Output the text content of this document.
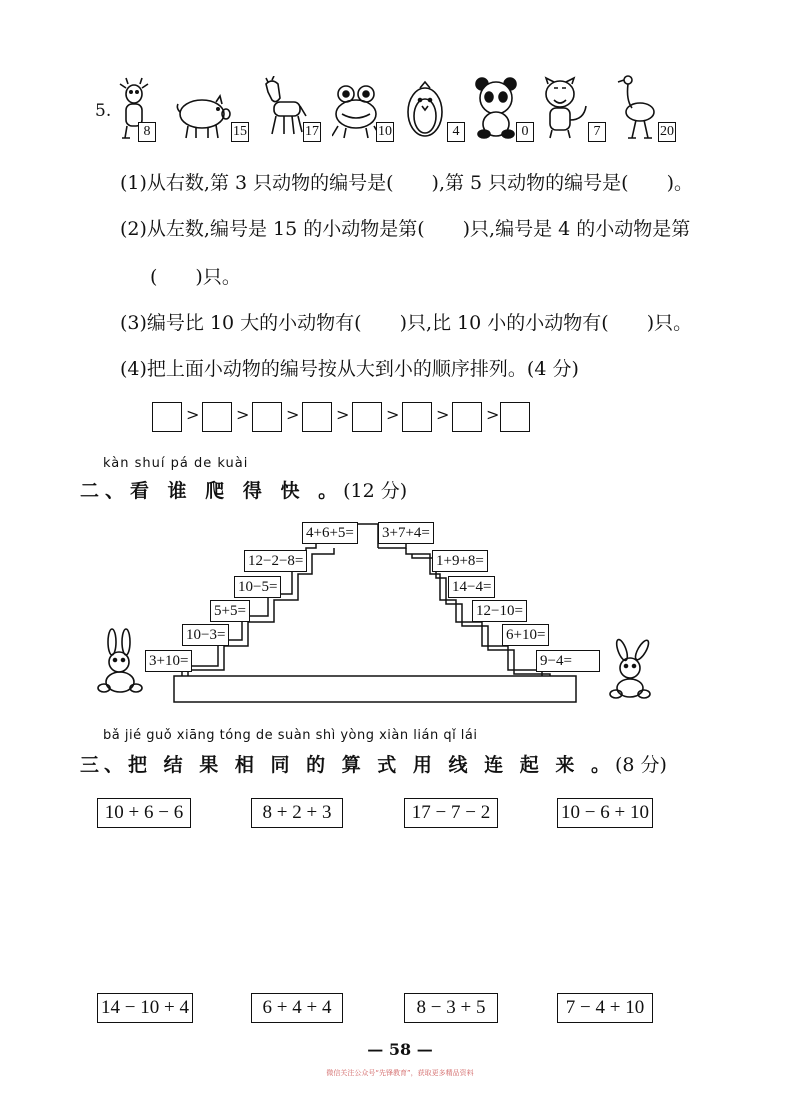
5.
8	15	17	10	4	0	7	20
(1)从右数,第 3 只动物的编号是(　　),第 5 只动物的编号是(　　)。
(2)从左数,编号是 15 的小动物是第(　　)只,编号是 4 的小动物是第
(　　)只。
(3)编号比 10 大的小动物有(　　)只,比 10 小的小动物有(　　)只。
(4)把上面小动物的编号按从大到小的顺序排列。(4 分)
> > > > > > >
kàn shuí pá de kuài
二、看 谁 爬 得 快 。(12 分)
4+6+5=
12−2−8=
10−5=
5+5=
10−3=
3+10=
3+7+4=
1+9+8=
14−4=
12−10=
6+10=
9−4=
bǎ jié guǒ xiāng tóng de suàn shì yòng xiàn lián qǐ lái
三、把 结 果 相 同 的 算 式 用 线 连 起 来 。(8 分)
10 + 6 − 6	8 + 2 + 3	17 − 7 − 2	10 − 6 + 10
14 − 10 + 4	6 + 4 + 4	8 − 3 + 5	7 − 4 + 10
— 58 —
微信关注公众号“先锋教育”，获取更多精品资料
